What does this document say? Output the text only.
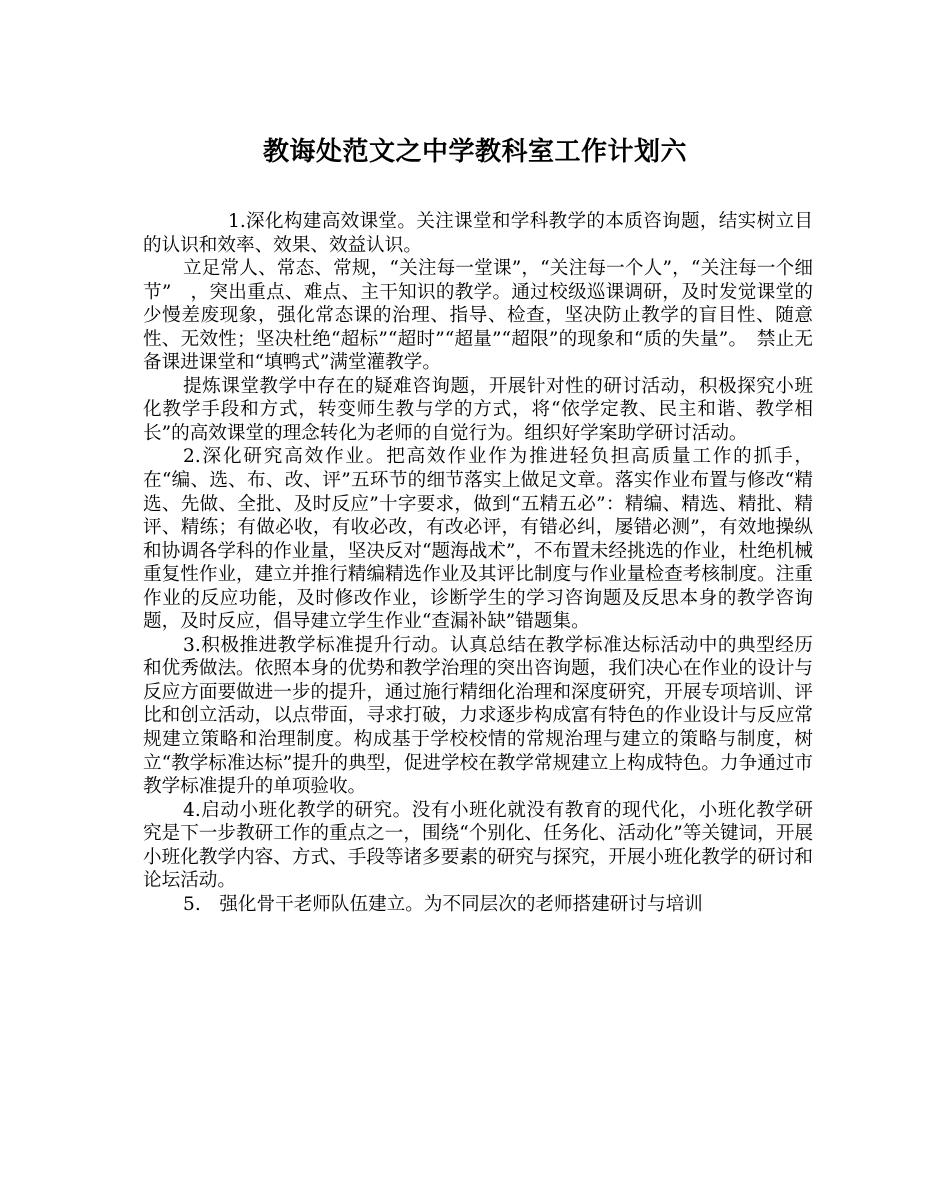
教诲处范文之中学教科室工作计划六

1.深化构建高效课堂。关注课堂和学科教学的本质咨询题，结实树立目的认识和效率、效果、效益认识。

立足常人、常态、常规，“关注每一堂课”，“关注每一个人”，“关注每一个细节”　，突出重点、难点、主干知识的教学。通过校级巡课调研，及时发觉课堂的少慢差废现象，强化常态课的治理、指导、检查，坚决防止教学的盲目性、随意性、无效性；坚决杜绝“超标”“超时”“超量”“超限”的现象和“质的失量”。　禁止无备课进课堂和“填鸭式”满堂灌教学。

提炼课堂教学中存在的疑难咨询题，开展针对性的研讨活动，积极探究小班化教学手段和方式，转变师生教与学的方式，将“依学定教、民主和谐、教学相长”的高效课堂的理念转化为老师的自觉行为。组织好学案助学研讨活动。

2.深化研究高效作业。把高效作业作为推进轻负担高质量工作的抓手，在“编、选、布、改、评”五环节的细节落实上做足文章。落实作业布置与修改“精选、先做、全批、及时反应”十字要求，做到“五精五必”：精编、精选、精批、精评、精练；有做必收，有收必改，有改必评，有错必纠，屡错必测”，有效地操纵和协调各学科的作业量，坚决反对“题海战术”，不布置未经挑选的作业，杜绝机械重复性作业，建立并推行精编精选作业及其评比制度与作业量检查考核制度。注重作业的反应功能，及时修改作业，诊断学生的学习咨询题及反思本身的教学咨询题，及时反应，倡导建立学生作业“查漏补缺”错题集。

3.积极推进教学标准提升行动。认真总结在教学标准达标活动中的典型经历和优秀做法。依照本身的优势和教学治理的突出咨询题，我们决心在作业的设计与反应方面要做进一步的提升，通过施行精细化治理和深度研究，开展专项培训、评比和创立活动，以点带面，寻求打破，力求逐步构成富有特色的作业设计与反应常规建立策略和治理制度。构成基于学校校情的常规治理与建立的策略与制度，树立“教学标准达标”提升的典型，促进学校在教学常规建立上构成特色。力争通过市教学标准提升的单项验收。

4.启动小班化教学的研究。没有小班化就没有教育的现代化，小班化教学研究是下一步教研工作的重点之一，围绕“个别化、任务化、活动化”等关键词，开展小班化教学内容、方式、手段等诸多要素的研究与探究，开展小班化教学的研讨和论坛活动。

5.　强化骨干老师队伍建立。为不同层次的老师搭建研讨与培训
